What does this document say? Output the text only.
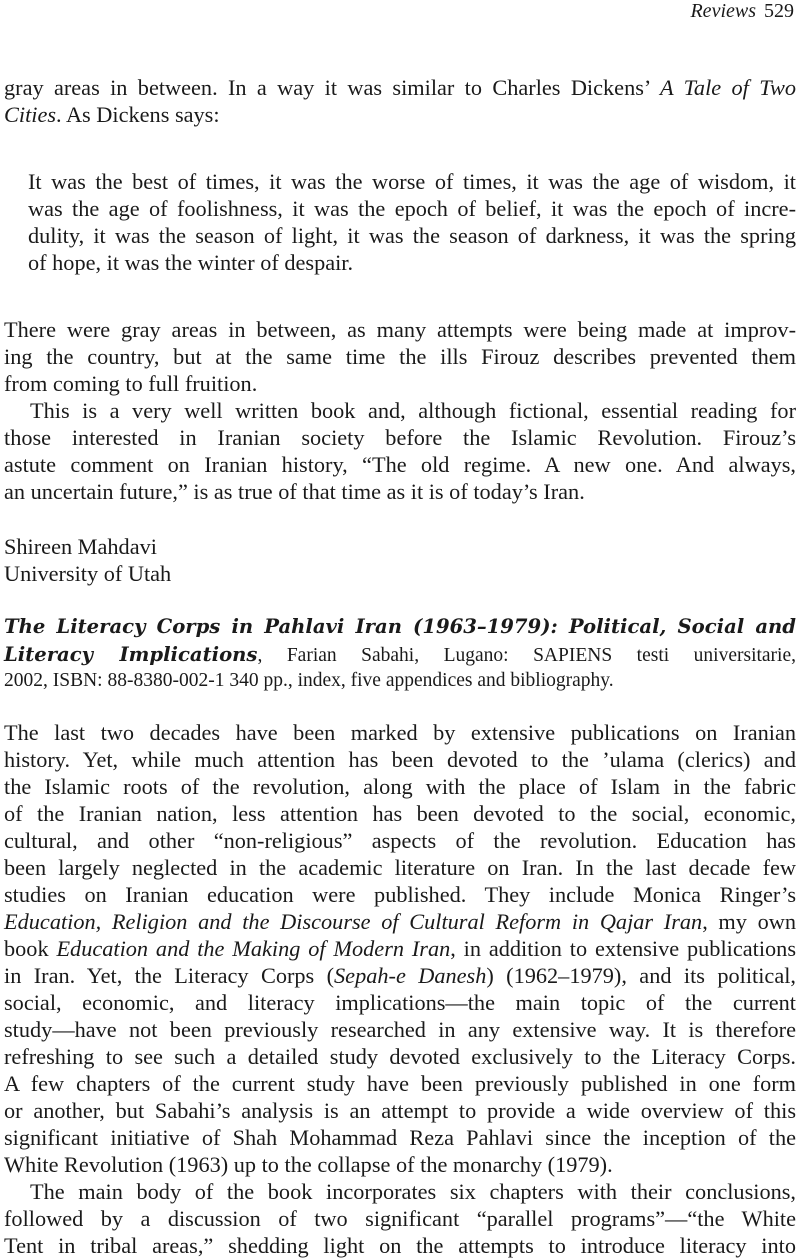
Reviews 529
gray areas in between. In a way it was similar to Charles Dickens’ A Tale of Two
Cities. As Dickens says:
It was the best of times, it was the worse of times, it was the age of wisdom, it
was the age of foolishness, it was the epoch of belief, it was the epoch of incre-
dulity, it was the season of light, it was the season of darkness, it was the spring
of hope, it was the winter of despair.
There were gray areas in between, as many attempts were being made at improv-
ing the country, but at the same time the ills Firouz describes prevented them
from coming to full fruition.
This is a very well written book and, although fictional, essential reading for
those interested in Iranian society before the Islamic Revolution. Firouz’s
astute comment on Iranian history, “The old regime. A new one. And always,
an uncertain future,” is as true of that time as it is of today’s Iran.
Shireen Mahdavi
University of Utah
The Literacy Corps in Pahlavi Iran (1963–1979): Political, Social and
Literacy Implications, Farian Sabahi, Lugano: SAPIENS testi universitarie,
2002, ISBN: 88-8380-002-1 340 pp., index, five appendices and bibliography.
The last two decades have been marked by extensive publications on Iranian
history. Yet, while much attention has been devoted to the ’ulama (clerics) and
the Islamic roots of the revolution, along with the place of Islam in the fabric
of the Iranian nation, less attention has been devoted to the social, economic,
cultural, and other “non-religious” aspects of the revolution. Education has
been largely neglected in the academic literature on Iran. In the last decade few
studies on Iranian education were published. They include Monica Ringer’s
Education, Religion and the Discourse of Cultural Reform in Qajar Iran, my own
book Education and the Making of Modern Iran, in addition to extensive publications
in Iran. Yet, the Literacy Corps (Sepah-e Danesh) (1962–1979), and its political,
social, economic, and literacy implications—the main topic of the current
study—have not been previously researched in any extensive way. It is therefore
refreshing to see such a detailed study devoted exclusively to the Literacy Corps.
A few chapters of the current study have been previously published in one form
or another, but Sabahi’s analysis is an attempt to provide a wide overview of this
significant initiative of Shah Mohammad Reza Pahlavi since the inception of the
White Revolution (1963) up to the collapse of the monarchy (1979).
The main body of the book incorporates six chapters with their conclusions,
followed by a discussion of two significant “parallel programs”—“the White
Tent in tribal areas,” shedding light on the attempts to introduce literacy into
